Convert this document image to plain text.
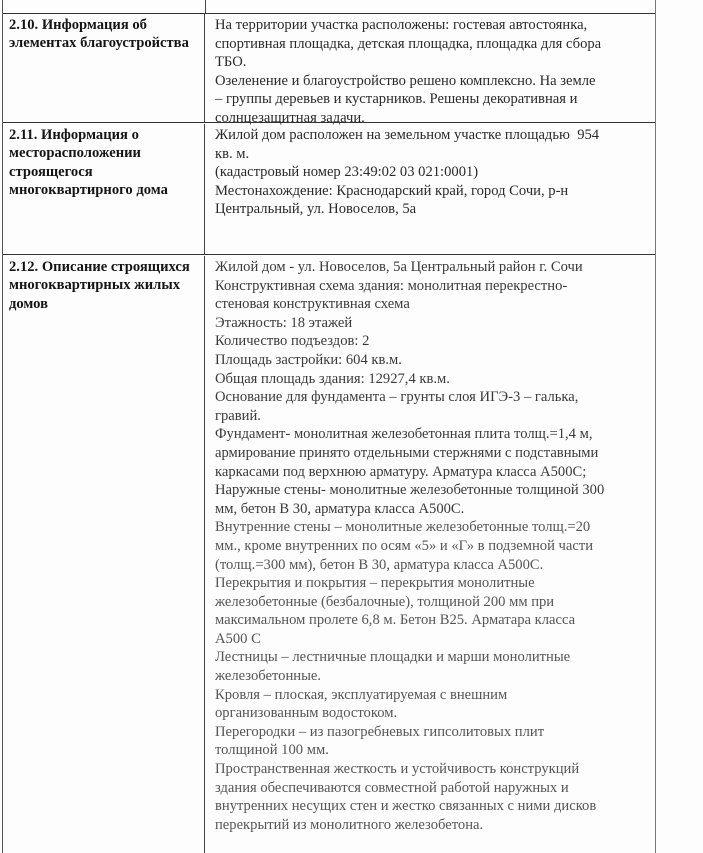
2.10. Информация об элементах благоустройства
На территории участка расположены: гостевая автостоянка,
спортивная площадка, детская площадка, площадка для сбора
ТБО.
Озеленение и благоустройство решено комплексно. На земле
– группы деревьев и кустарников. Решены декоративная и
солнцезащитная задачи.
2.11. Информация о месторасположении строящегося многоквартирного дома
Жилой дом расположен на земельном участке площадью  954
кв. м.
(кадастровый номер 23:49:02 03 021:0001)
Местонахождение: Краснодарский край, город Сочи, р-н
Центральный, ул. Новоселов, 5а
2.12. Описание строящихся многоквартирных жилых домов
Жилой дом - ул. Новоселов, 5а Центральный район г. Сочи
Конструктивная схема здания: монолитная перекрестно-
стеновая конструктивная схема
Этажность: 18 этажей
Количество подъездов: 2
Площадь застройки: 604 кв.м.
Общая площадь здания: 12927,4 кв.м.
Основание для фундамента – грунты слоя ИГЭ-3 – галька,
гравий.
Фундамент- монолитная железобетонная плита толщ.=1,4 м,
армирование принято отдельными стержнями с подставными
каркасами под верхнюю арматуру. Арматура класса А500С;
Наружные стены- монолитные железобетонные толщиной 300
мм, бетон В 30, арматура класса А500С.
Внутренние стены – монолитные железобетонные толщ.=20
мм., кроме внутренних по осям «5» и «Г» в подземной части
(толщ.=300 мм), бетон В 30, арматура класса А500С.
Перекрытия и покрытия – перекрытия монолитные
железобетонные (безбалочные), толщиной 200 мм при
максимальном пролете 6,8 м. Бетон В25. Арматара класса
А500 С
Лестницы – лестничные площадки и марши монолитные
железобетонные.
Кровля – плоская, эксплуатируемая с внешним
организованным водостоком.
Перегородки – из пазогребневых гипсолитовых плит
толщиной 100 мм.
Пространственная жесткость и устойчивость конструкций
здания обеспечиваются совместной работой наружных и
внутренних несущих стен и жестко связанных с ними дисков
перекрытий из монолитного железобетона.
